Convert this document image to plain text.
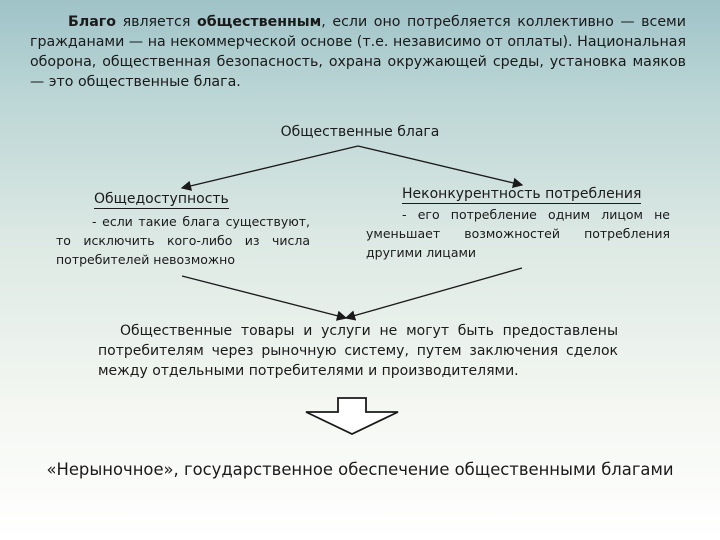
Благо является общественным, если оно потребляется коллективно — всеми гражданами — на некоммерческой основе (т.е. независимо от оплаты). Национальная оборона, общественная безопасность, охрана окружающей среды, установка маяков — это общественные блага.
Общественные блага
Общедоступность
- если такие блага существуют, то исключить кого-либо из числа потребителей невозможно
Неконкурентность потребления
- его потребление одним лицом не уменьшает возможностей потребления другими лицами
Общественные товары и услуги не могут быть предоставлены потребителям через рыночную систему, путем заключения сделок между отдельными потребителями и производителями.
«Нерыночное», государственное обеспечение общественными благами
